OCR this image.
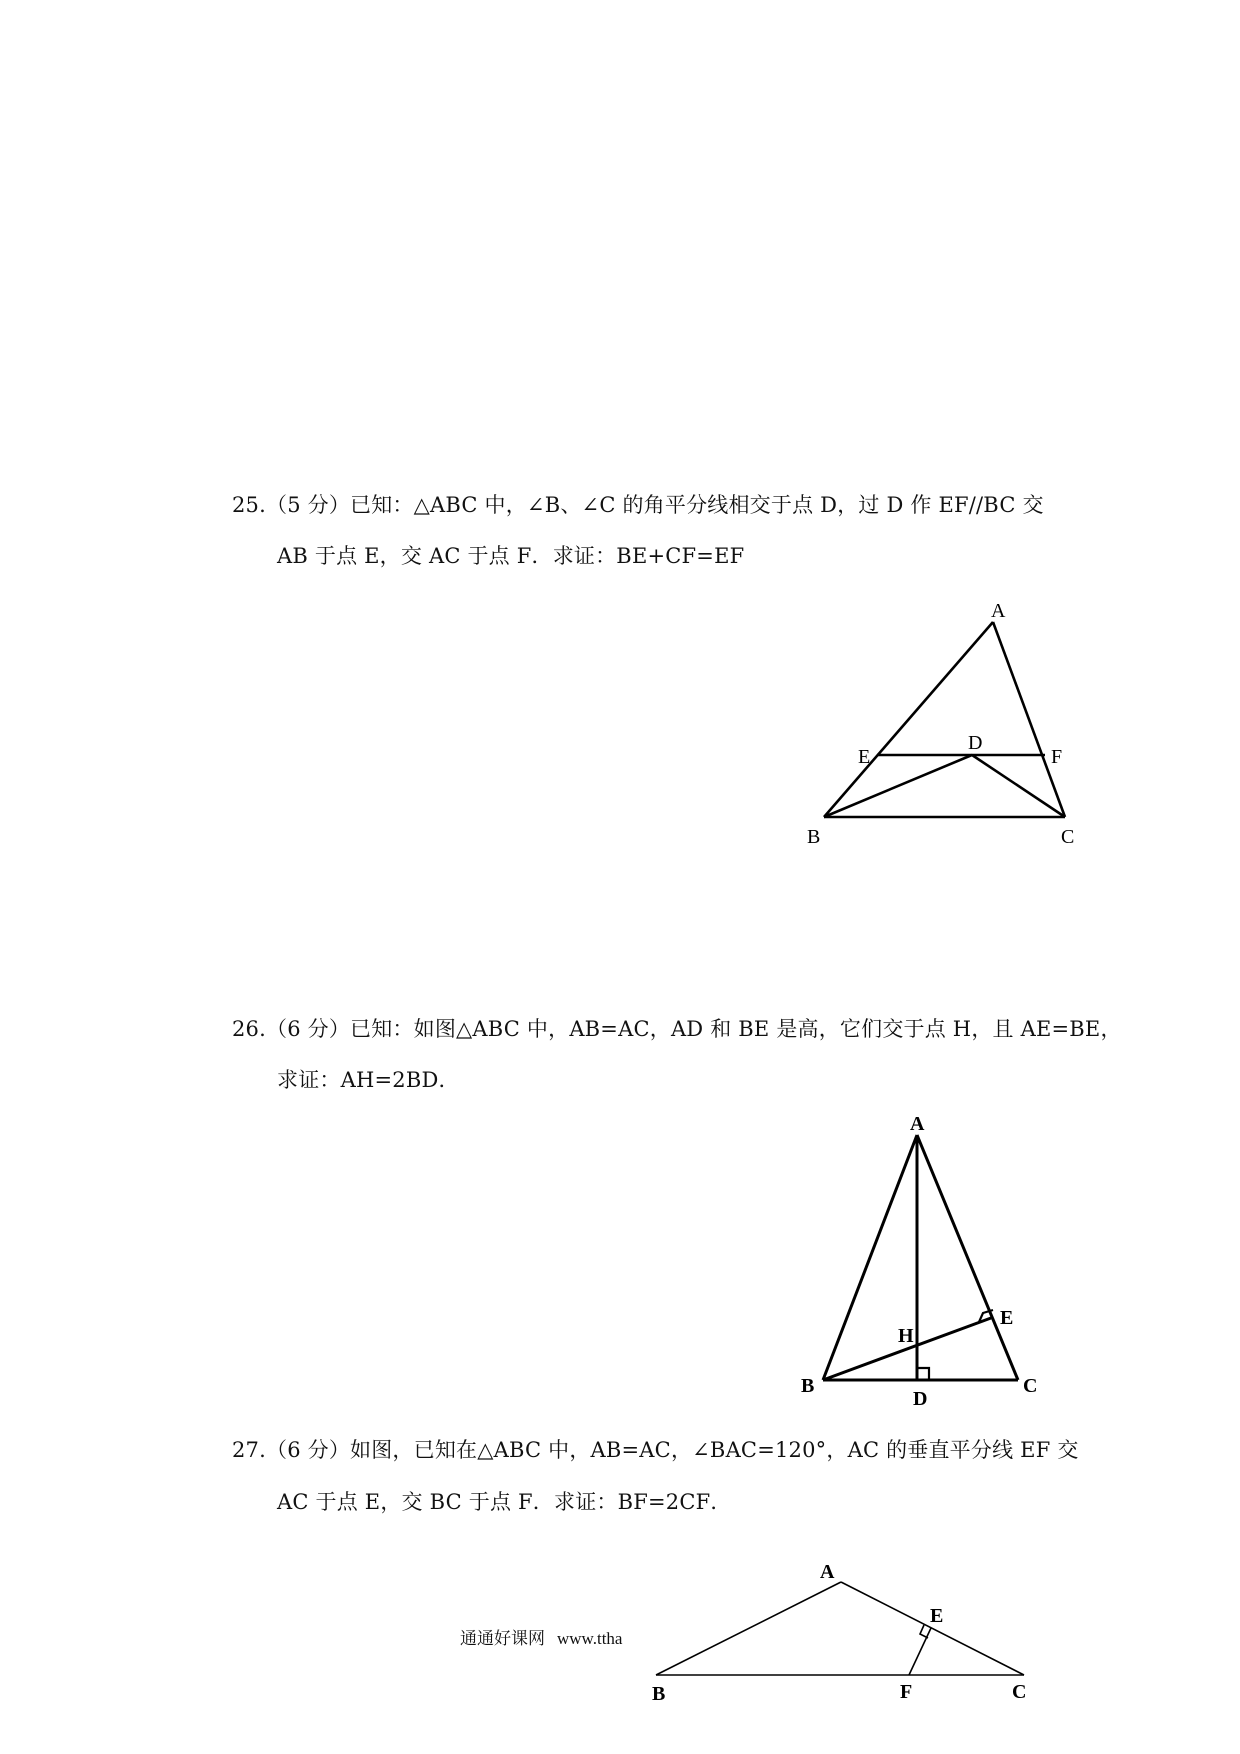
25.（5 分）已知：△ABC 中，∠B、∠C 的角平分线相交于点 D，过 D 作 EF//BC 交
AB 于点 E，交 AC 于点 F．求证：BE+CF=EF
A
E
D
F
B	C
26.（6 分）已知：如图△ABC 中，AB=AC，AD 和 BE 是高，它们交于点 H，且 AE=BE，
求证：AH=2BD．
A
H
E
B
D
C
27.（6 分）如图，已知在△ABC 中，AB=AC，∠BAC=120°，AC 的垂直平分线 EF 交
AC 于点 E，交 BC 于点 F．求证：BF=2CF．
A
E
B	F	C
通通好课网 www.ttha
